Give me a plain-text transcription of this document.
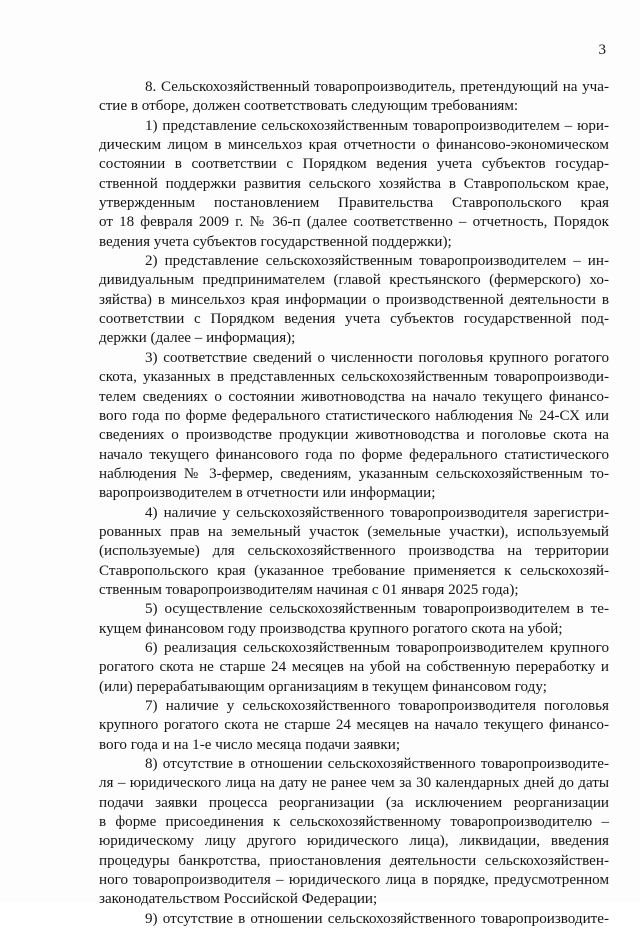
3
8. Сельскохозяйственный товаропроизводитель, претендующий на уча-
стие в отборе, должен соответствовать следующим требованиям:
1) представление сельскохозяйственным товаропроизводителем – юри-
дическим лицом в минсельхоз края отчетности о финансово-экономическом
состоянии в соответствии с Порядком ведения учета субъектов государ-
ственной поддержки развития сельского хозяйства в Ставропольском крае,
утвержденным постановлением Правительства Ставропольского края
от 18 февраля 2009 г. № 36-п (далее соответственно – отчетность, Порядок
ведения учета субъектов государственной поддержки);
2) представление сельскохозяйственным товаропроизводителем – ин-
дивидуальным предпринимателем (главой крестьянского (фермерского) хо-
зяйства) в минсельхоз края информации о производственной деятельности в
соответствии с Порядком ведения учета субъектов государственной под-
держки (далее – информация);
3) соответствие сведений о численности поголовья крупного рогатого
скота, указанных в представленных сельскохозяйственным товаропроизводи-
телем сведениях о состоянии животноводства на начало текущего финансо-
вого года по форме федерального статистического наблюдения № 24-СХ или
сведениях о производстве продукции животноводства и поголовье скота на
начало текущего финансового года по форме федерального статистического
наблюдения № 3-фермер, сведениям, указанным сельскохозяйственным то-
варопроизводителем в отчетности или информации;
4) наличие у сельскохозяйственного товаропроизводителя зарегистри-
рованных прав на земельный участок (земельные участки), используемый
(используемые) для сельскохозяйственного производства на территории
Ставропольского края (указанное требование применяется к сельскохозяй-
ственным товаропроизводителям начиная с 01 января 2025 года);
5) осуществление сельскохозяйственным товаропроизводителем в те-
кущем финансовом году производства крупного рогатого скота на убой;
6) реализация сельскохозяйственным товаропроизводителем крупного
рогатого скота не старше 24 месяцев на убой на собственную переработку и
(или) перерабатывающим организациям в текущем финансовом году;
7) наличие у сельскохозяйственного товаропроизводителя поголовья
крупного рогатого скота не старше 24 месяцев на начало текущего финансо-
вого года и на 1-е число месяца подачи заявки;
8) отсутствие в отношении сельскохозяйственного товаропроизводите-
ля – юридического лица на дату не ранее чем за 30 календарных дней до даты
подачи заявки процесса реорганизации (за исключением реорганизации
в форме присоединения к сельскохозяйственному товаропроизводителю –
юридическому лицу другого юридического лица), ликвидации, введения
процедуры банкротства, приостановления деятельности сельскохозяйствен-
ного товаропроизводителя – юридического лица в порядке, предусмотренном
законодательством Российской Федерации;
9) отсутствие в отношении сельскохозяйственного товаропроизводите-
